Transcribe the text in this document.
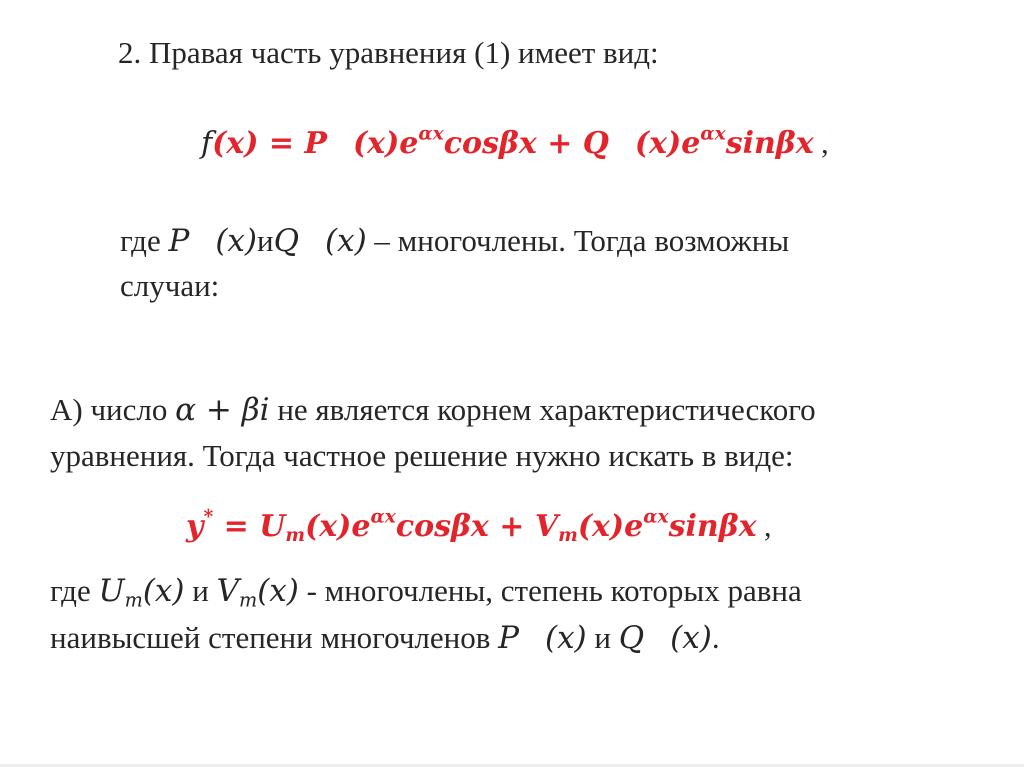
2. Правая часть уравнения (1) имеет вид:
f(x) = P $(x)e^{\alpha x}\cos\beta x + Q$ $(x)e^{\alpha x}\sin\beta x$ ,
где P (x)иQ (x) – многочлены. Тогда возможны
случаи:
А) число α + βi не является корнем характеристического
уравнения. Тогда частное решение нужно искать в виде:
$y^* = U_m(x)e^{\alpha x}\cos\beta x + V_m(x)e^{\alpha x}\sin\beta x$ ,
где $U_m(x)$ и $V_m(x)$ - многочлены, степень которых равна
наивысшей степени многочленов P (x) и Q (x).
